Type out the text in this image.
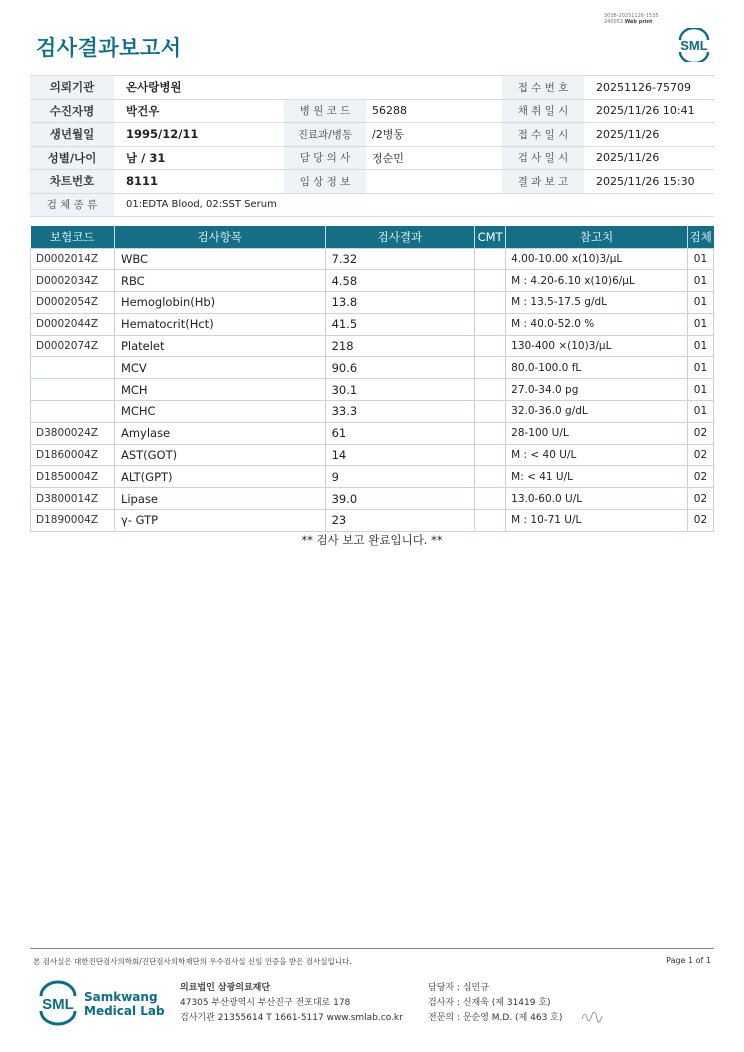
검사결과보고서
3038-20251126-1535
240053 Web print
SML
의뢰기관	온사랑병원			접 수 번 호	20251126-75709
수진자명	박건우	병 원 코 드	56288	채 취 일 시	2025/11/26 10:41
생년월일	1995/12/11	진료과/병동	/2병동	접 수 일 시	2025/11/26
성별/나이	남 / 31	담 당 의 사	정순민	검 사 일 시	2025/11/26
차트번호	8111	임 상 정 보		결 과 보 고	2025/11/26 15:30
검 체 종 류	01:EDTA Blood, 02:SST Serum				
보험코드	검사항목	검사결과	CMT	참고치	검체
D0002014Z	WBC	7.32		4.00-10.00 x(10)3/μL	01
D0002034Z	RBC	4.58		M : 4.20-6.10 x(10)6/μL	01
D0002054Z	Hemoglobin(Hb)	13.8		M : 13.5-17.5 g/dL	01
D0002044Z	Hematocrit(Hct)	41.5		M : 40.0-52.0 %	01
D0002074Z	Platelet	218		130-400 ×(10)3/μL	01
	MCV	90.6		80.0-100.0 fL	01
	MCH	30.1		27.0-34.0 pg	01
	MCHC	33.3		32.0-36.0 g/dL	01
D3800024Z	Amylase	61		28-100 U/L	02
D1860004Z	AST(GOT)	14		M : < 40 U/L	02
D1850004Z	ALT(GPT)	9		M: < 41 U/L	02
D3800014Z	Lipase	39.0		13.0-60.0 U/L	02
D1890004Z	γ- GTP	23		M : 10-71 U/L	02
** 검사 보고 완료입니다. **
본 검사실은 대한진단검사의학회/진단검사의학재단의 우수검사실 신임 인증을 받은 검사실입니다.	Page 1 of 1
SML Samkwang
Medical Lab
의료법인 삼광의료재단
47305 부산광역시 부산진구 전포대로 178
검사기관 21355614 T 1661-5117 www.smlab.co.kr
담당자 : 심민규
검사자 : 신재욱 (제 31419 호)
전문의 : 문순영 M.D. (제 463 호)
